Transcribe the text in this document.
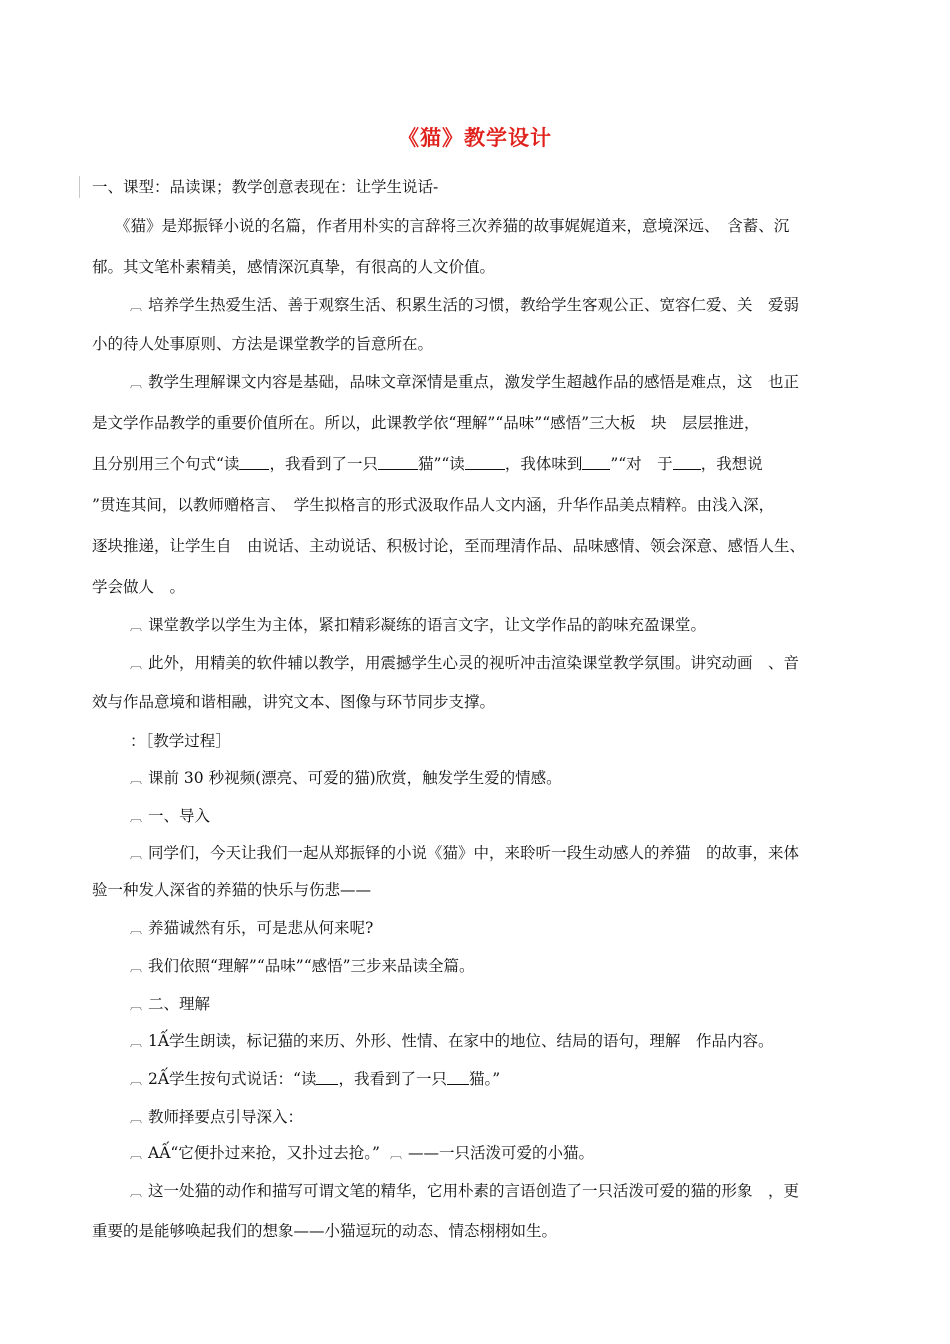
《猫》教学设计
一、课型：品读课；教学创意表现在：让学生说话-
《猫》是郑振铎小说的名篇，作者用朴实的言辞将三次养猫的故事娓娓道来，意境深远、　含蓄、沉
郁。其文笔朴素精美，感情深沉真挚，有很高的人文价值。
︹ 培养学生热爱生活、善于观察生活、积累生活的习惯，教给学生客观公正、宽容仁爱、关　爱弱
小的待人处事原则、方法是课堂教学的旨意所在。
︹ 教学生理解课文内容是基础，品味文章深情是重点，激发学生超越作品的感悟是难点，这　也正
是文学作品教学的重要价值所在。所以，此课教学依“理解”“品味”“感悟”三大板　块　层层推进，
且分别用三个句式“读 ，我看到了一只	猫”“读	，我体味到 ”“对　于 ，我想说
”贯连其间，以教师赠格言、　学生拟格言的形式汲取作品人文内涵，升华作品美点精粹。由浅入深，
逐块推递，让学生自　由说话、主动说话、积极讨论，至而理清作品、品味感情、领会深意、感悟人生、
学会做人　。
︹ 课堂教学以学生为主体，紧扣精彩凝练的语言文字，让文学作品的韵味充盈课堂。
︹ 此外，用精美的软件辅以教学，用震撼学生心灵的视听冲击渲染课堂教学氛围。讲究动画　、音
效与作品意境和谐相融，讲究文本、图像与环节同步支撑。
：［教学过程］
︹ 课前 30 秒视频(漂亮、可爱的猫)欣赏，触发学生爱的情感。
︹ 一、导入
︹ 同学们，今天让我们一起从郑振铎的小说《猫》中，来聆听一段生动感人的养猫　的故事，来体
验一种发人深省的养猫的快乐与伤悲——
︹ 养猫诚然有乐，可是悲从何来呢?
︹ 我们依照“理解”“品味”“感悟”三步来品读全篇。
︹ 二、理解
︹ 1Ấ学生朗读，标记猫的来历、外形、性情、在家中的地位、结局的语句，理解　作品内容。
︹ 2Ấ学生按句式说话：“读 ，我看到了一只 猫。”
︹ 教师择要点引导深入：
︹ AẤ“它便扑过来抢，又扑过去抢。” ︹ ——一只活泼可爱的小猫。
︹ 这一处猫的动作和描写可谓文笔的精华，它用朴素的言语创造了一只活泼可爱的猫的形象　，更
重要的是能够唤起我们的想象——小猫逗玩的动态、情态栩栩如生。
